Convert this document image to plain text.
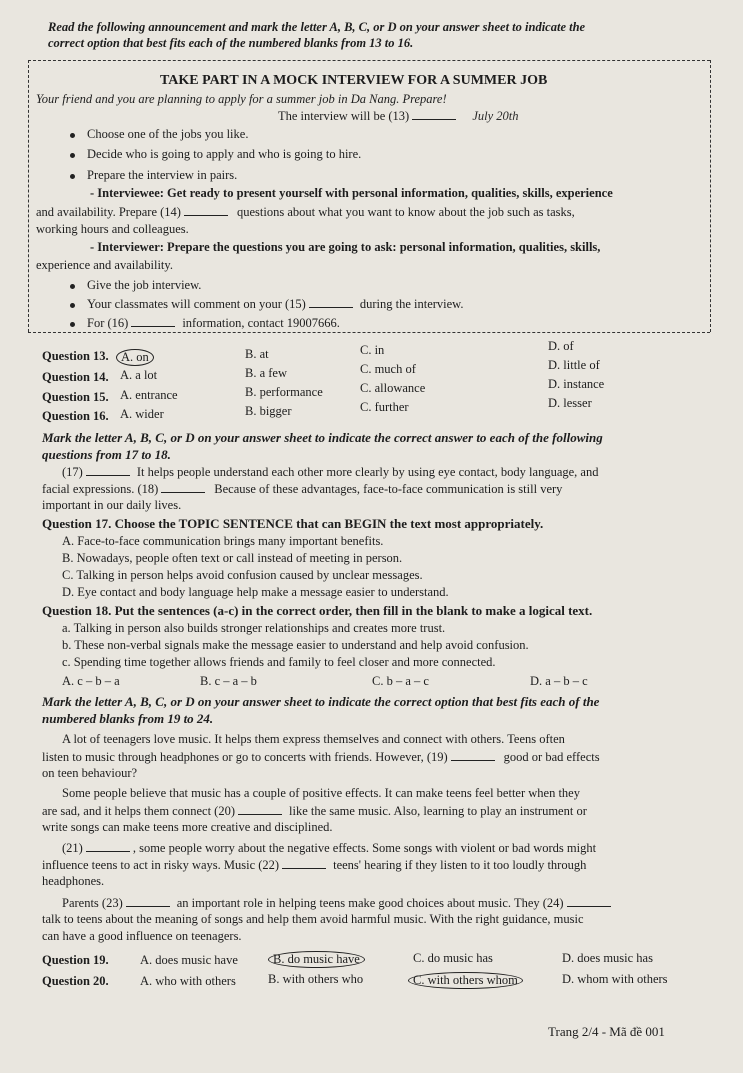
Read the following announcement and mark the letter A, B, C, or D on your answer sheet to indicate the
correct option that best fits each of the numbered blanks from 13 to 16.
TAKE PART IN A MOCK INTERVIEW FOR A SUMMER JOB
Your friend and you are planning to apply for a summer job in Da Nang. Prepare!
The interview will be (13)	July 20th
Choose one of the jobs you like.
Decide who is going to apply and who is going to hire.
Prepare the interview in pairs.
- Interviewee: Get ready to present yourself with personal information, qualities, skills, experience
and availability. Prepare (14)	questions about what you want to know about the job such as tasks,
working hours and colleagues.
- Interviewer: Prepare the questions you are going to ask: personal information, qualities, skills,
experience and availability.
Give the job interview.
Your classmates will comment on your (15)	during the interview.
For (16)	information, contact 19007666.
Question 13. A. on	B. at	C. in	D. of
Question 14. A. a lot	B. a few	C. much of	D. little of
Question 15. A. entrance	B. performance	C. allowance	D. instance
Question 16. A. wider	B. bigger	C. further	D. lesser
Mark the letter A, B, C, or D on your answer sheet to indicate the correct answer to each of the following
questions from 17 to 18.
(17)	It helps people understand each other more clearly by using eye contact, body language, and
facial expressions. (18)	Because of these advantages, face-to-face communication is still very
important in our daily lives.
Question 17. Choose the TOPIC SENTENCE that can BEGIN the text most appropriately.
A. Face-to-face communication brings many important benefits.
B. Nowadays, people often text or call instead of meeting in person.
C. Talking in person helps avoid confusion caused by unclear messages.
D. Eye contact and body language help make a message easier to understand.
Question 18. Put the sentences (a-c) in the correct order, then fill in the blank to make a logical text.
a. Talking in person also builds stronger relationships and creates more trust.
b. These non-verbal signals make the message easier to understand and help avoid confusion.
c. Spending time together allows friends and family to feel closer and more connected.
A. c – b – a	B. c – a – b	C. b – a – c	D. a – b – c
Mark the letter A, B, C, or D on your answer sheet to indicate the correct option that best fits each of the
numbered blanks from 19 to 24.
A lot of teenagers love music. It helps them express themselves and connect with others. Teens often
listen to music through headphones or go to concerts with friends. However, (19)	good or bad effects
on teen behaviour?
Some people believe that music has a couple of positive effects. It can make teens feel better when they
are sad, and it helps them connect (20)	like the same music. Also, learning to play an instrument or
write songs can make teens more creative and disciplined.
(21)	, some people worry about the negative effects. Some songs with violent or bad words might
influence teens to act in risky ways. Music (22)	teens' hearing if they listen to it too loudly through
headphones.
Parents (23)	an important role in helping teens make good choices about music. They (24)
talk to teens about the meaning of songs and help them avoid harmful music. With the right guidance, music
can have a good influence on teenagers.
Question 19.	A. does music have	B. do music have	C. do music has	D. does music has
Question 20.	A. who with others	B. with others who	C. with others whom	D. whom with others
Trang 2/4 - Mã đề 001
